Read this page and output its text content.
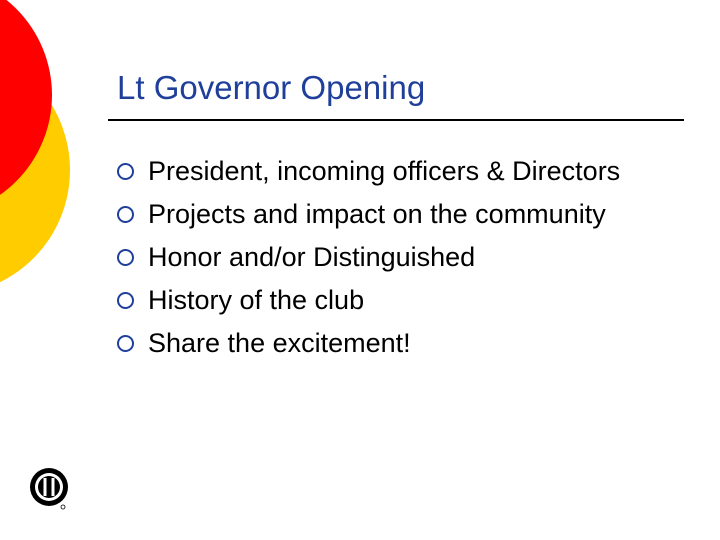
Lt Governor Opening
President, incoming officers & Directors
Projects and impact on the community
Honor and/or Distinguished
History of the club
Share the excitement!
